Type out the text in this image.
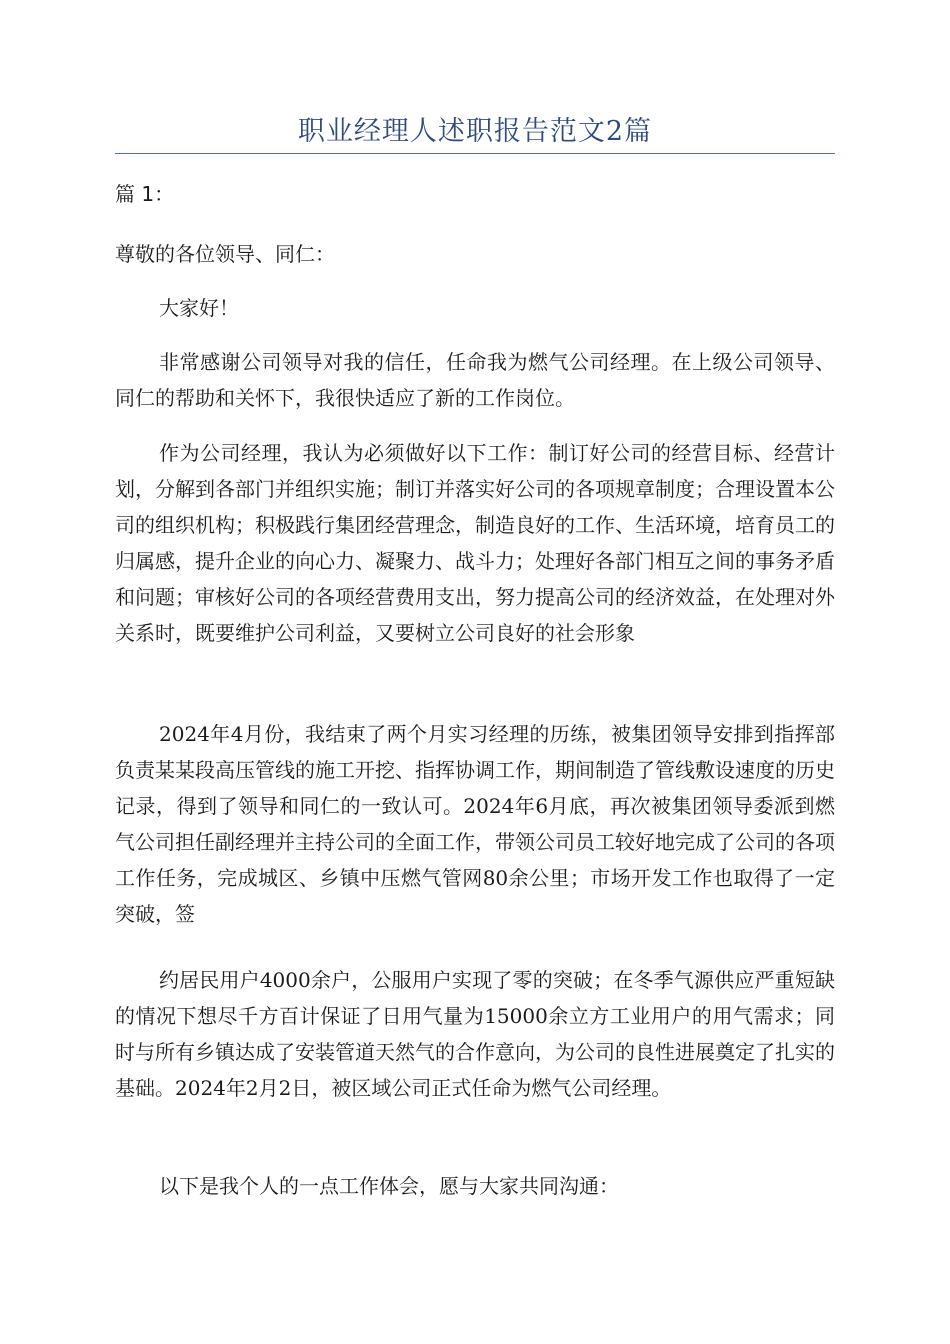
职业经理人述职报告范文2篇

篇 1：

尊敬的各位领导、同仁：

大家好！

非常感谢公司领导对我的信任，任命我为燃气公司经理。在上级公司领导、同仁的帮助和关怀下，我很快适应了新的工作岗位。

作为公司经理，我认为必须做好以下工作：制订好公司的经营目标、经营计划，分解到各部门并组织实施；制订并落实好公司的各项规章制度；合理设置本公司的组织机构；积极践行集团经营理念，制造良好的工作、生活环境，培育员工的归属感，提升企业的向心力、凝聚力、战斗力；处理好各部门相互之间的事务矛盾和问题；审核好公司的各项经营费用支出，努力提高公司的经济效益，在处理对外关系时，既要维护公司利益，又要树立公司良好的社会形象

2024年4月份，我结束了两个月实习经理的历练，被集团领导安排到指挥部负责某某段高压管线的施工开挖、指挥协调工作，期间制造了管线敷设速度的历史记录，得到了领导和同仁的一致认可。2024年6月底，再次被集团领导委派到燃气公司担任副经理并主持公司的全面工作，带领公司员工较好地完成了公司的各项工作任务，完成城区、乡镇中压燃气管网80余公里；市场开发工作也取得了一定突破，签

约居民用户4000余户，公服用户实现了零的突破；在冬季气源供应严重短缺的情况下想尽千方百计保证了日用气量为15000余立方工业用户的用气需求；同时与所有乡镇达成了安装管道天然气的合作意向，为公司的良性进展奠定了扎实的基础。2024年2月2日，被区域公司正式任命为燃气公司经理。

以下是我个人的一点工作体会，愿与大家共同沟通：
